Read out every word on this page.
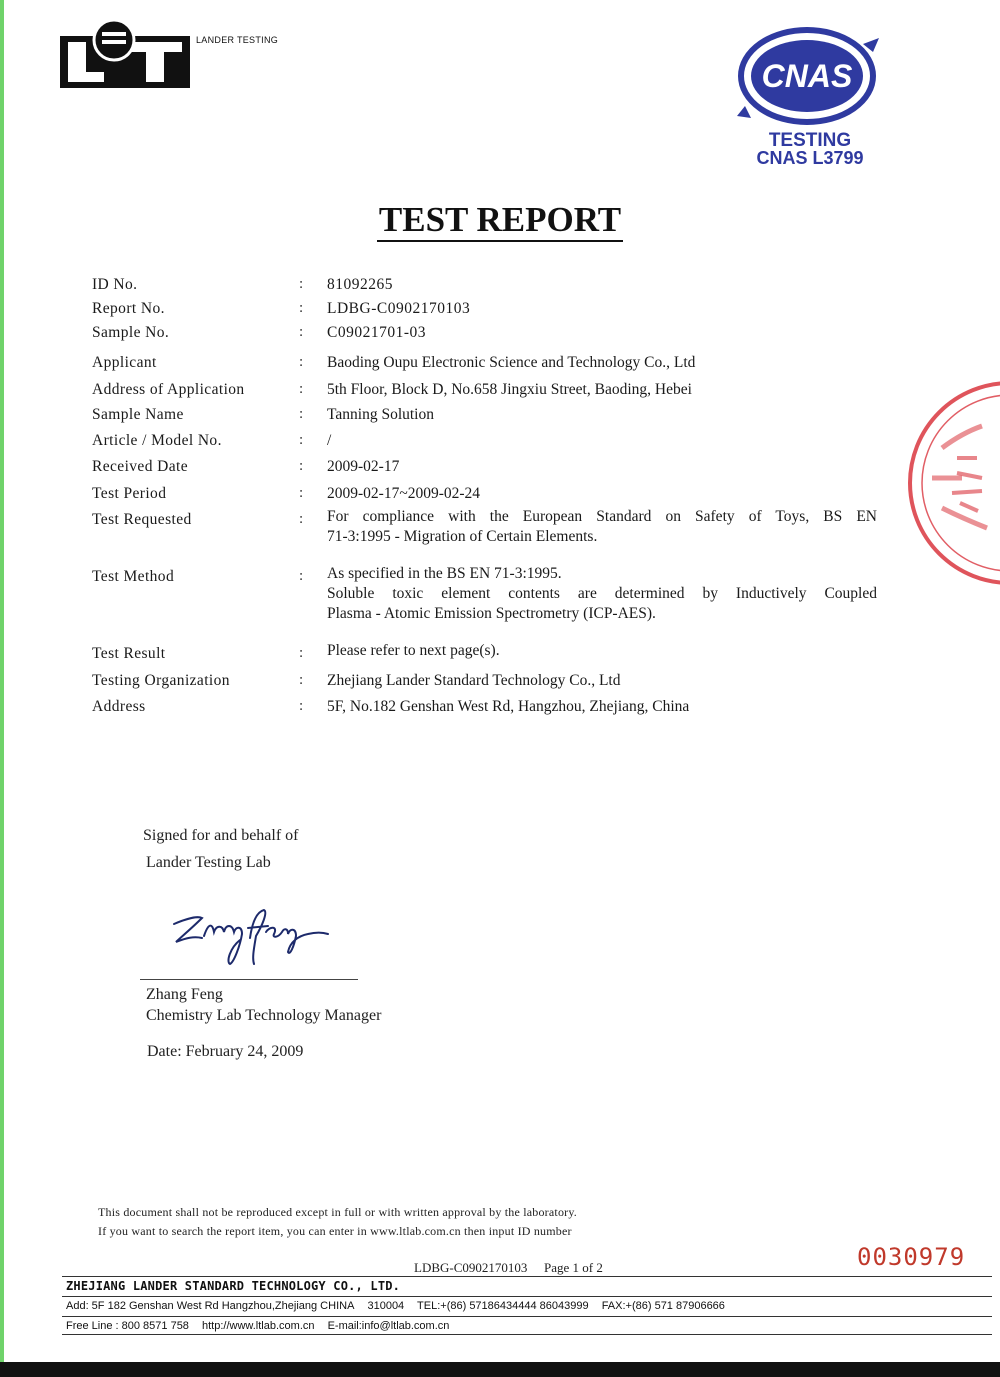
LANDER TESTING
CNAS
TESTING
CNAS L3799
TEST REPORT
ID No.	: 81092265
Report No.	: LDBG-C0902170103
Sample No.	: C09021701-03
Applicant	: Baoding Oupu Electronic Science and Technology Co., Ltd
Address of Application	: 5th Floor, Block D, No.658 Jingxiu Street, Baoding, Hebei
Sample Name	: Tanning Solution
Article / Model No.	: /
Received Date	: 2009-02-17
Test Period	: 2009-02-17~2009-02-24
Test Requested	: For compliance with the European Standard on Safety of Toys, BS EN
71-3:1995 - Migration of Certain Elements.
Test Method	: As specified in the BS EN 71-3:1995.
Soluble toxic element contents are determined by Inductively Coupled
Plasma - Atomic Emission Spectrometry (ICP-AES).
Test Result	: Please refer to next page(s).
Testing Organization	: Zhejiang Lander Standard Technology Co., Ltd
Address	: 5F, No.182 Genshan West Rd, Hangzhou, Zhejiang, China
Signed for and behalf of
Lander Testing Lab
Zhang Feng
Chemistry Lab Technology Manager
Date: February 24, 2009
This document shall not be reproduced except in full or with written approval by the laboratory.
If you want to search the report item, you can enter in www.ltlab.com.cn then input ID number
LDBG-C0902170103 Page 1 of 2	0030979
ZHEJIANG LANDER STANDARD TECHNOLOGY CO., LTD.
Add: 5F 182 Genshan West Rd Hangzhou,Zhejiang CHINA 310004 TEL:+(86) 57186434444 86043999 FAX:+(86) 571 87906666
Free Line : 800 8571 758 http://www.ltlab.com.cn E-mail:info@ltlab.com.cn
